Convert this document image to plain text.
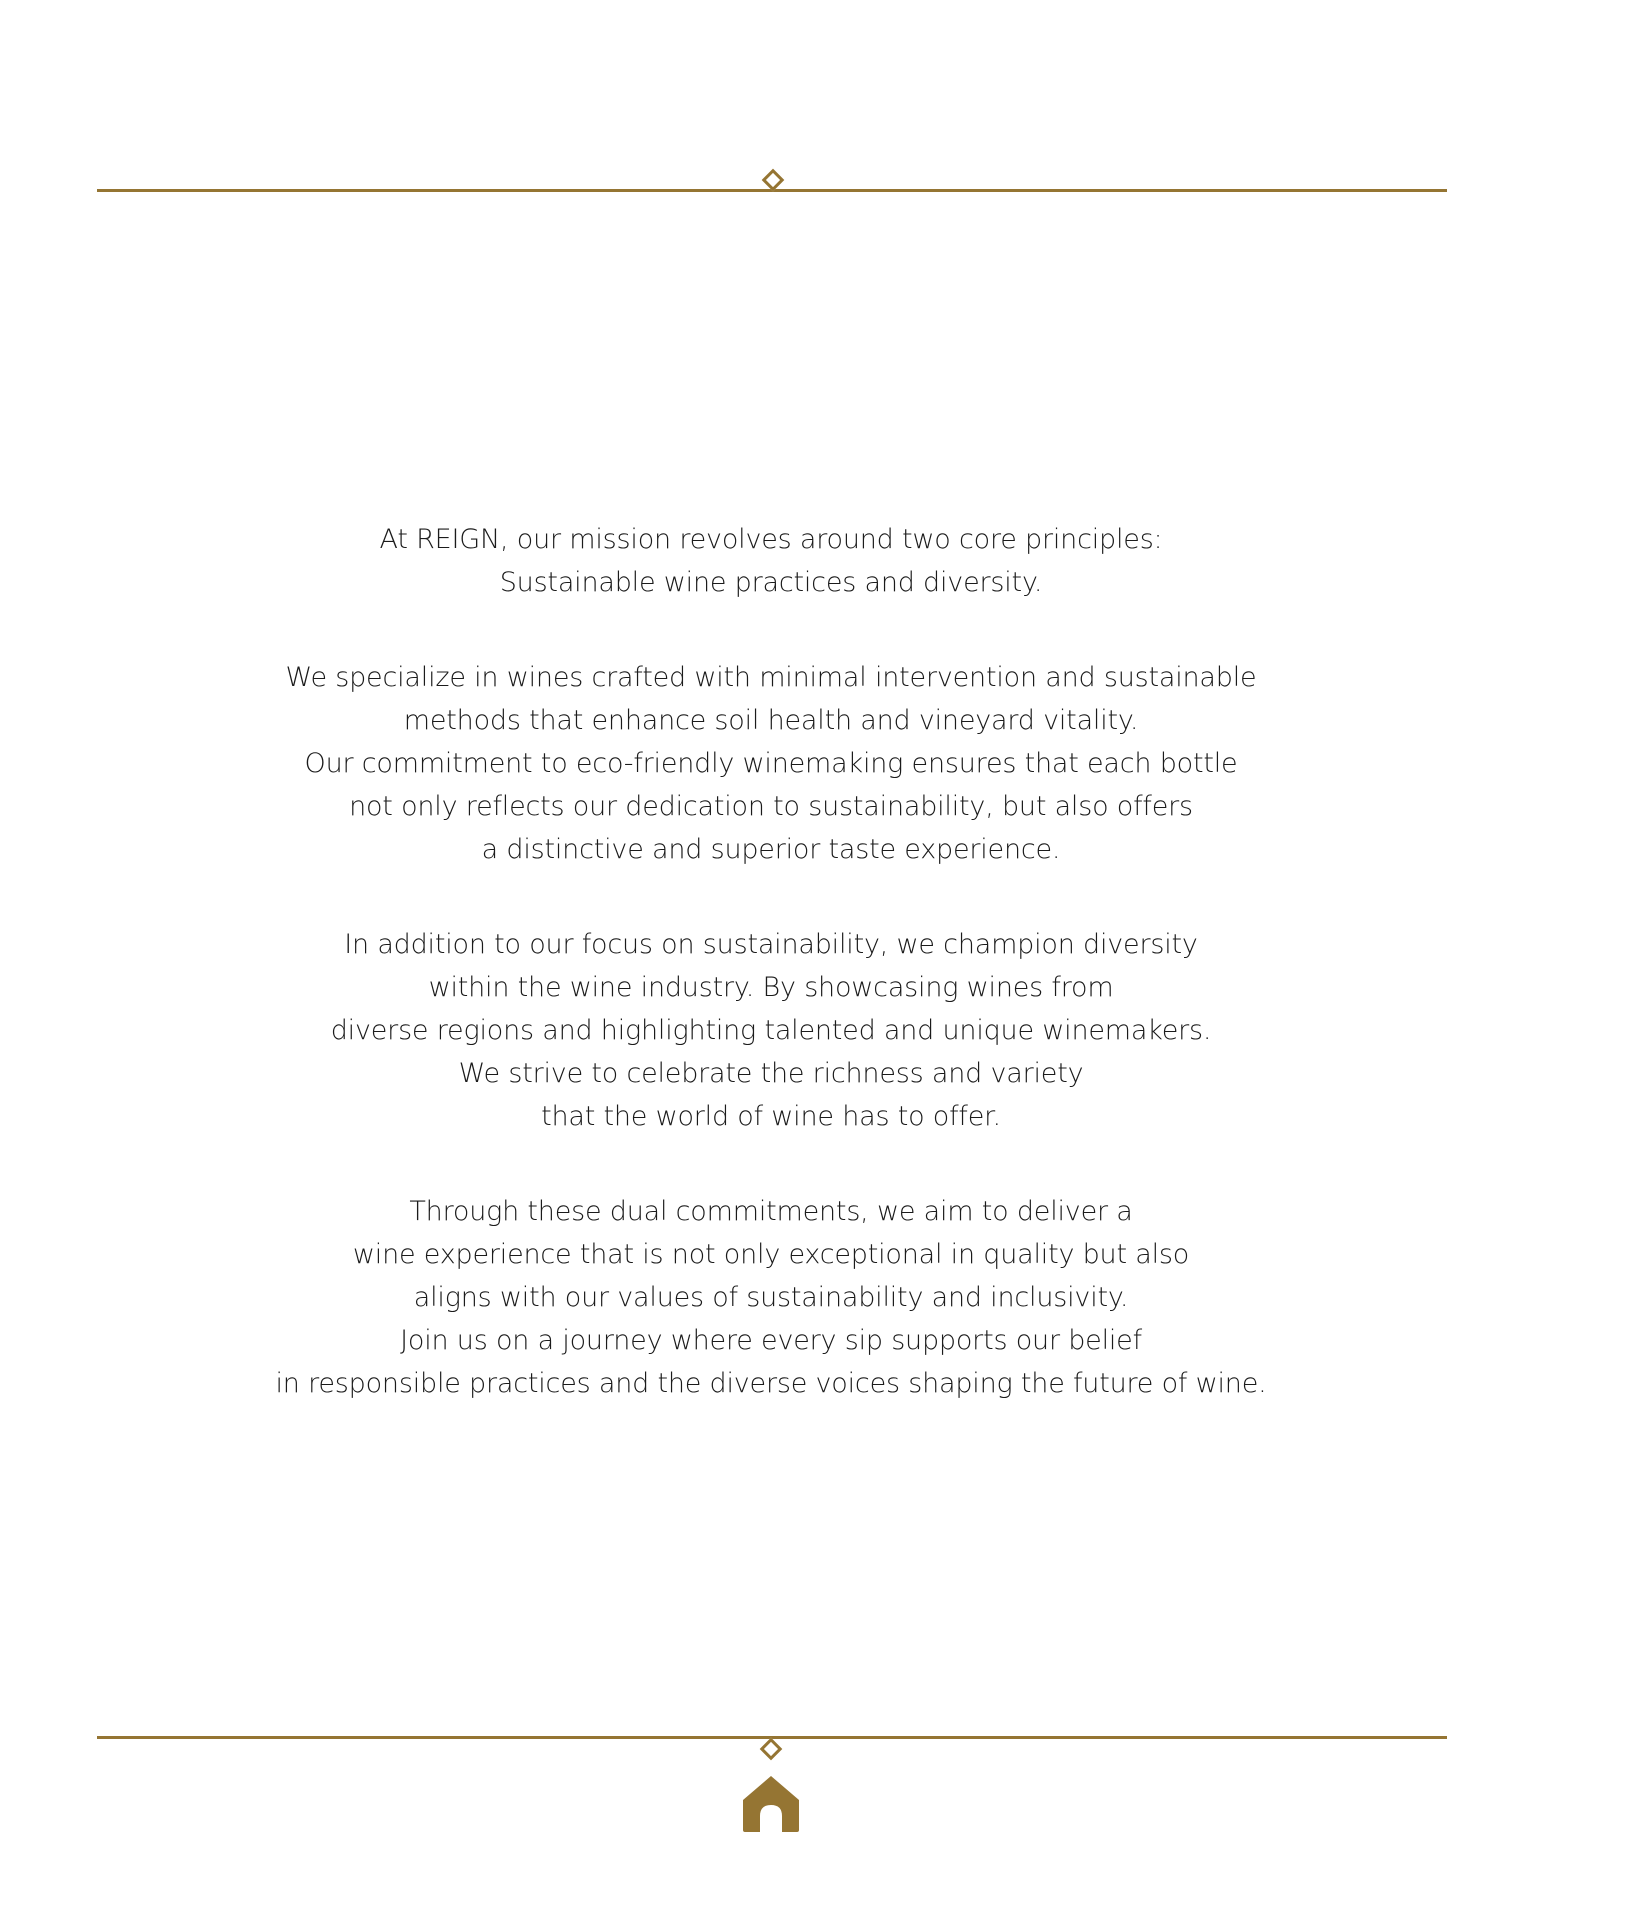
At REIGN, our mission revolves around two core principles:
Sustainable wine practices and diversity.

We specialize in wines crafted with minimal intervention and sustainable
methods that enhance soil health and vineyard vitality.
Our commitment to eco-friendly winemaking ensures that each bottle
not only reflects our dedication to sustainability, but also offers
a distinctive and superior taste experience.

In addition to our focus on sustainability, we champion diversity
within the wine industry. By showcasing wines from
diverse regions and highlighting talented and unique winemakers.
We strive to celebrate the richness and variety
that the world of wine has to offer.

Through these dual commitments, we aim to deliver a
wine experience that is not only exceptional in quality but also
aligns with our values of sustainability and inclusivity.
Join us on a journey where every sip supports our belief
in responsible practices and the diverse voices shaping the future of wine.
